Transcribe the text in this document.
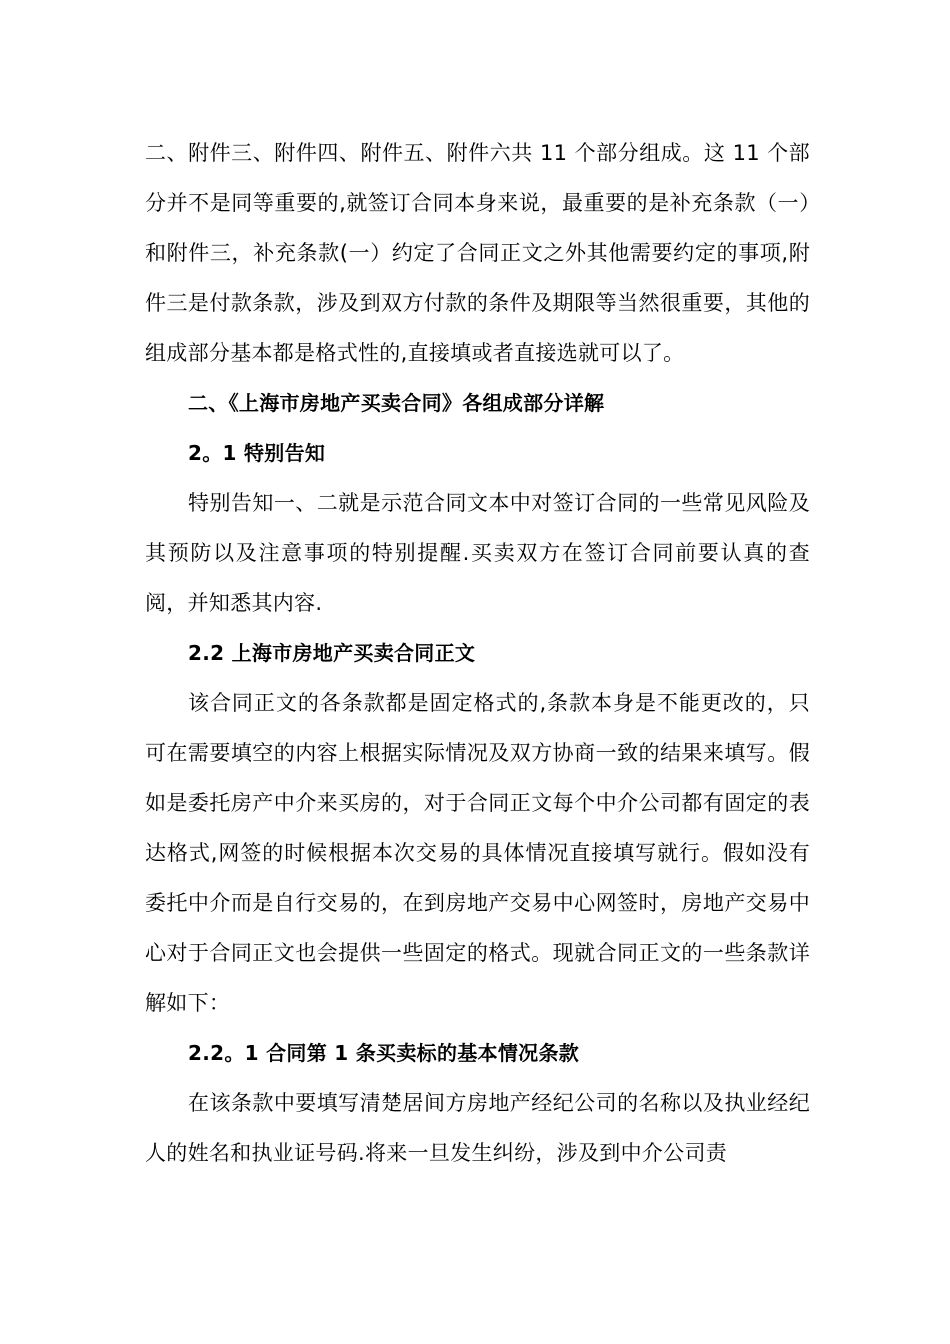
二、附件三、附件四、附件五、附件六共 11 个部分组成。这 11 个部分并不是同等重要的,就签订合同本身来说，最重要的是补充条款（一）和附件三，补充条款(一）约定了合同正文之外其他需要约定的事项,附件三是付款条款，涉及到双方付款的条件及期限等当然很重要，其他的组成部分基本都是格式性的,直接填或者直接选就可以了。

二、《上海市房地产买卖合同》各组成部分详解

2。1 特别告知

特别告知一、二就是示范合同文本中对签订合同的一些常见风险及其预防以及注意事项的特别提醒.买卖双方在签订合同前要认真的查阅，并知悉其内容.

2.2 上海市房地产买卖合同正文

该合同正文的各条款都是固定格式的,条款本身是不能更改的，只可在需要填空的内容上根据实际情况及双方协商一致的结果来填写。假如是委托房产中介来买房的，对于合同正文每个中介公司都有固定的表达格式,网签的时候根据本次交易的具体情况直接填写就行。假如没有委托中介而是自行交易的，在到房地产交易中心网签时，房地产交易中心对于合同正文也会提供一些固定的格式。现就合同正文的一些条款详解如下：

2.2。1 合同第 1 条买卖标的基本情况条款

在该条款中要填写清楚居间方房地产经纪公司的名称以及执业经纪人的姓名和执业证号码.将来一旦发生纠纷，涉及到中介公司责
